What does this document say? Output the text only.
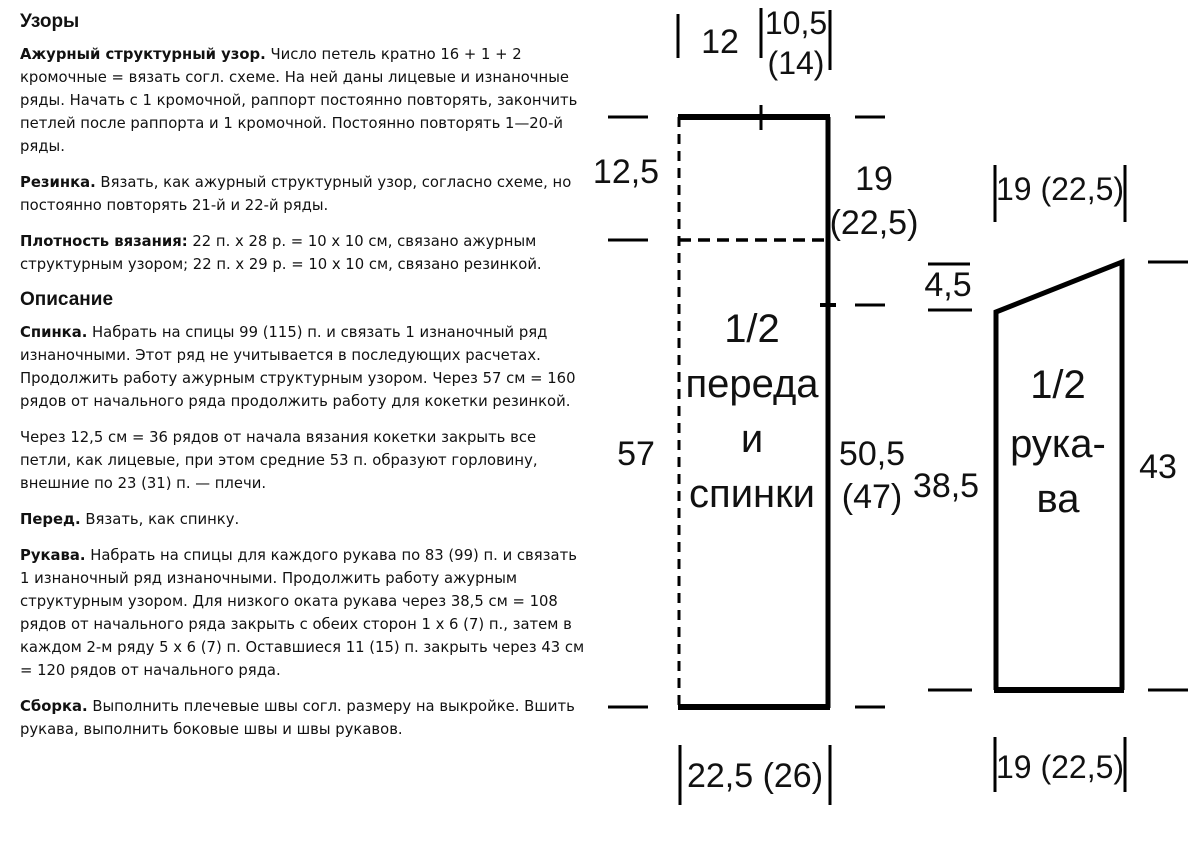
Узоры

Ажурный структурный узор. Число петель кратно 16 + 1 + 2 кромочные = вязать согл. схеме. На ней даны лицевые и изнаночные ряды. Начать с 1 кромочной, раппорт постоянно повторять, закончить петлей после раппорта и 1 кромочной. Постоянно повторять 1—20-й ряды.

Резинка. Вязать, как ажурный структурный узор, согласно схеме, но постоянно повторять 21-й и 22-й ряды.

Плотность вязания: 22 п. х 28 р. = 10 х 10 см, связано ажурным структурным узором; 22 п. х 29 р. = 10 х 10 см, связано резинкой.

Описание

Спинка. Набрать на спицы 99 (115) п. и связать 1 изнаночный ряд изнаночными. Этот ряд не учитывается в последующих расчетах. Продолжить работу ажурным структурным узором. Через 57 см = 160 рядов от начального ряда продолжить работу для кокетки резинкой.

Через 12,5 см = 36 рядов от начала вязания кокетки закрыть все петли, как лицевые, при этом средние 53 п. образуют горловину, внешние по 23 (31) п. — плечи.

Перед. Вязать, как спинку.

Рукава. Набрать на спицы для каждого рукава по 83 (99) п. и связать 1 изнаночный ряд изнаночными. Продолжить работу ажурным структурным узором. Для низкого оката рукава через 38,5 см = 108 рядов от начального ряда закрыть с обеих сторон 1 х 6 (7) п., затем в каждом 2-м ряду 5 х 6 (7) п. Оставшиеся 11 (15) п. закрыть через 43 см = 120 рядов от начального ряда.

Сборка. Выполнить плечевые швы согл. размеру на выкройке. Вшить рукава, выполнить боковые швы и швы рукавов.

12 10,5
(14)
12,5	19
(22,5)
57	50,5
(47)
22,5 (26)
1/2
переда
и
спинки
19 (22,5)
4,5
38,5	43
19 (22,5)
1/2
рука-
ва
